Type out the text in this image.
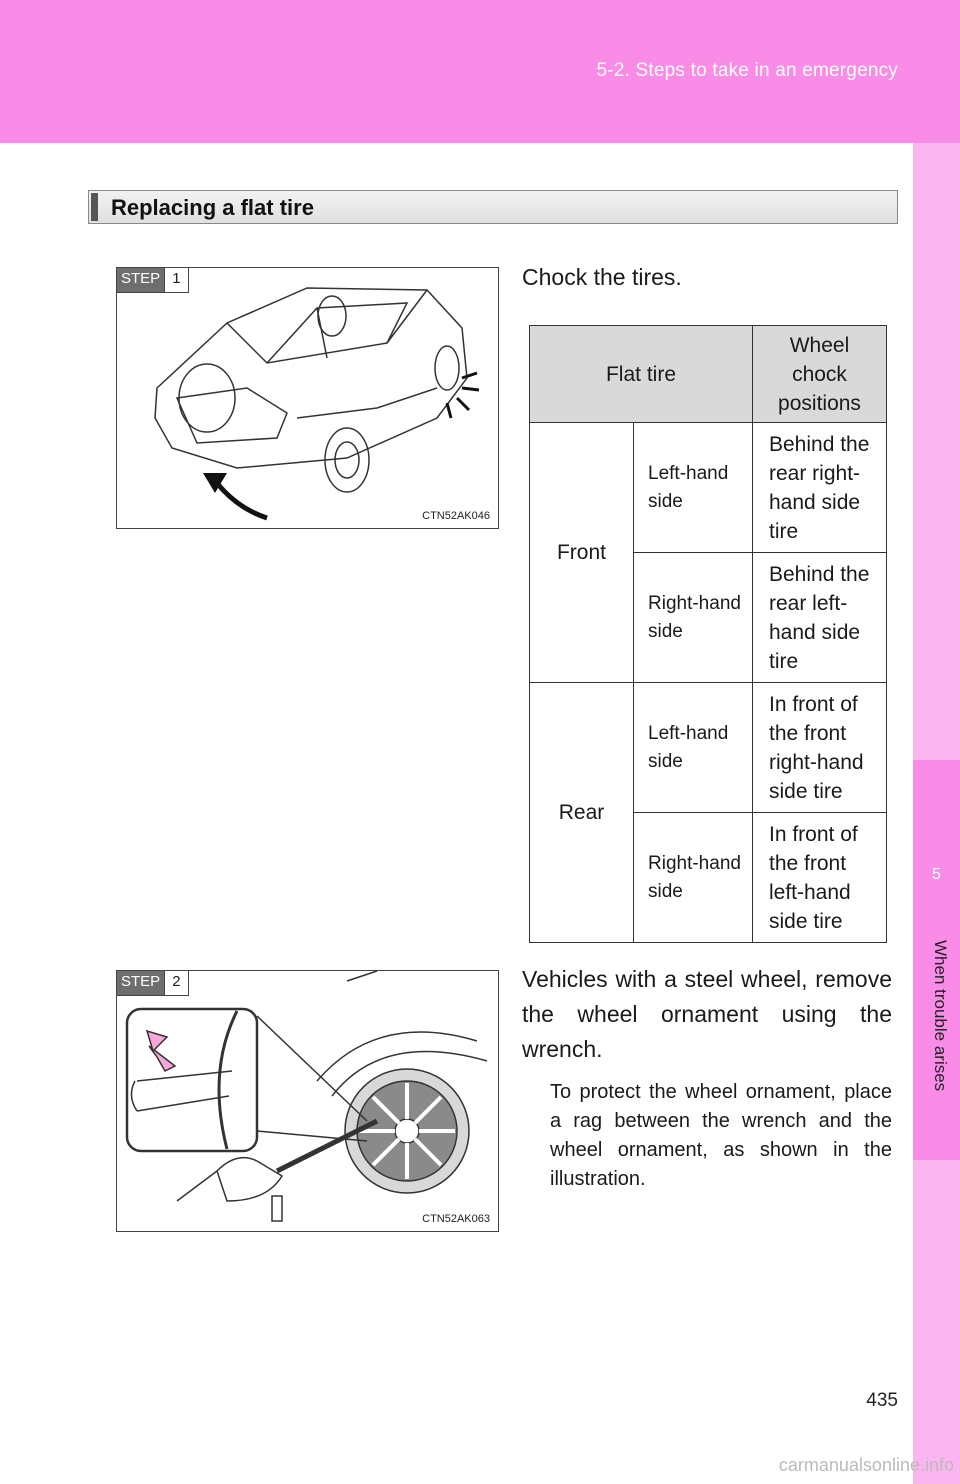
5-2. Steps to take in an emergency
5
When trouble arises
Replacing a flat tire
STEP 1
CTN52AK046
Chock the tires.
Flat tire		Wheel chock positions
Front	Left-hand side	Behind the rear right-hand side tire
	Right-hand side	Behind the rear left-hand side tire
Rear	Left-hand side	In front of the front right-hand side tire
	Right-hand side	In front of the front left-hand side tire
STEP 2
CTN52AK063
Vehicles with a steel wheel, remove the wheel ornament using the wrench.
To protect the wheel ornament, place a rag between the wrench and the wheel ornament, as shown in the illustration.
435
carmanualsonline.info
